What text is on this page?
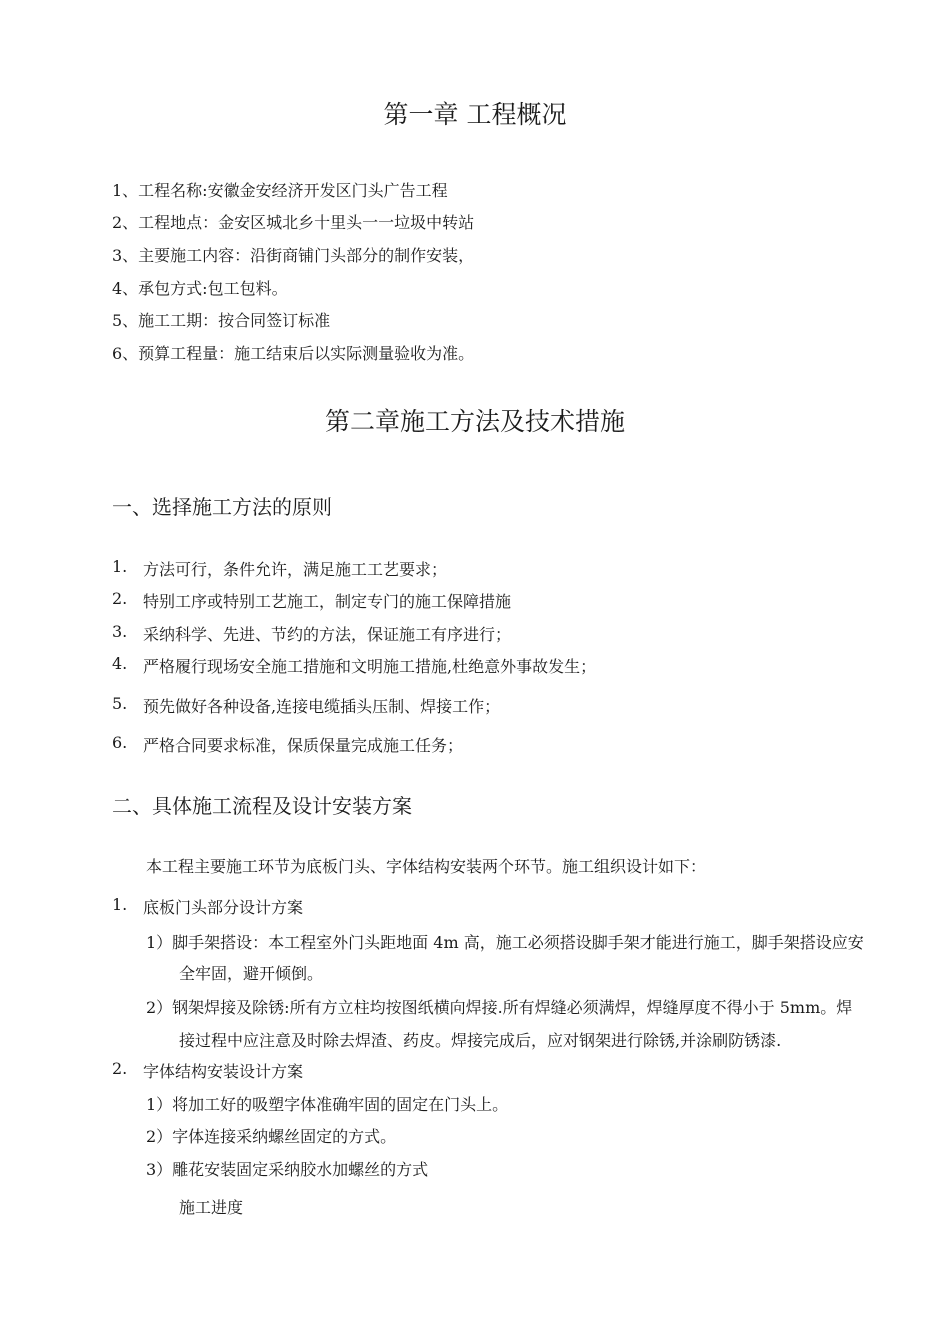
第一章 工程概况
1、工程名称:安徽金安经济开发区门头广告工程
2、工程地点：金安区城北乡十里头一一垃圾中转站
3、主要施工内容：沿街商铺门头部分的制作安装，
4、承包方式:包工包料。
5、施工工期：按合同签订标准
6、预算工程量：施工结束后以实际测量验收为准。
第二章施工方法及技术措施
一、选择施工方法的原则
1. 方法可行，条件允许，满足施工工艺要求；
2. 特别工序或特别工艺施工，制定专门的施工保障措施
3. 采纳科学、先进、节约的方法，保证施工有序进行；
4. 严格履行现场安全施工措施和文明施工措施,杜绝意外事故发生；
5. 预先做好各种设备,连接电缆插头压制、焊接工作；
6. 严格合同要求标准，保质保量完成施工任务；
二、具体施工流程及设计安装方案
本工程主要施工环节为底板门头、字体结构安装两个环节。施工组织设计如下：
1. 底板门头部分设计方案
1）脚手架搭设：本工程室外门头距地面 4m 高，施工必须搭设脚手架才能进行施工，脚手架搭设应安
全牢固，避开倾倒。
2）钢架焊接及除锈:所有方立柱均按图纸横向焊接.所有焊缝必须满焊，焊缝厚度不得小于 5mm。焊
接过程中应注意及时除去焊渣、药皮。焊接完成后，应对钢架进行除锈,并涂刷防锈漆.
2. 字体结构安装设计方案
1）将加工好的吸塑字体准确牢固的固定在门头上。
2）字体连接采纳螺丝固定的方式。
3）雕花安装固定采纳胶水加螺丝的方式
施工进度
